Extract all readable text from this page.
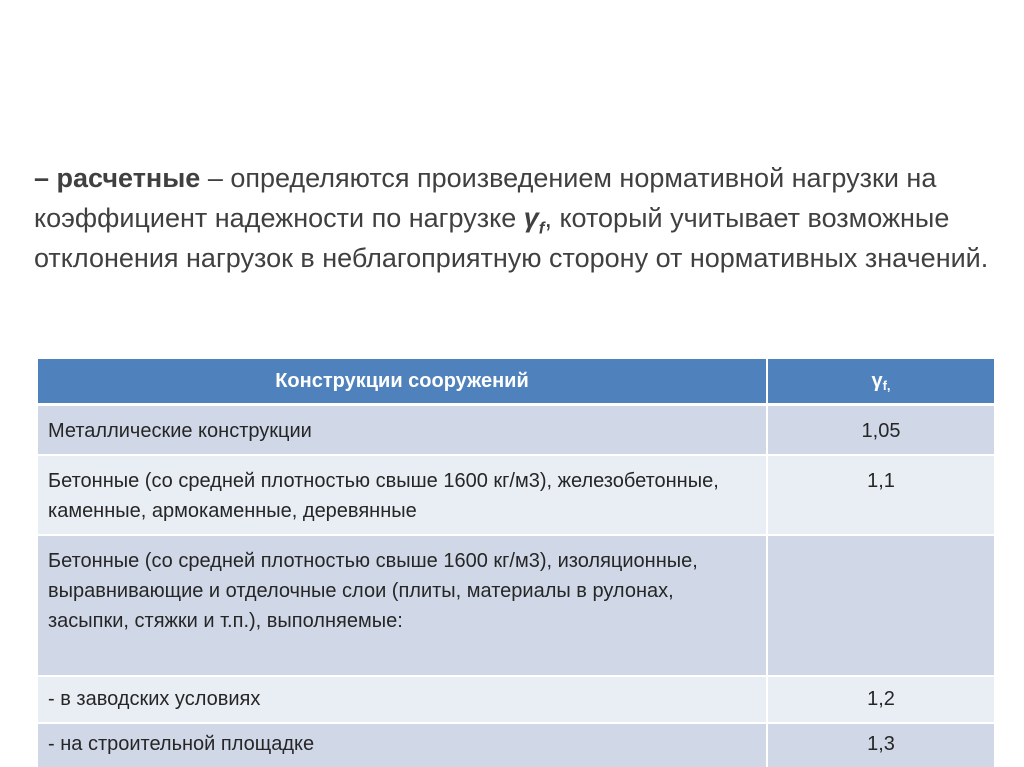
– расчетные – определяются произведением нормативной нагрузки на коэффициент надежности по нагрузке $\gamma_f$, который учитывает возможные отклонения нагрузок в неблагоприятную сторону от нормативных значений.

Конструкции сооружений	γf,
Металлические конструкции	1,05
Бетонные (со средней плотностью свыше 1600 кг/м3), железобетонные, каменные, армокаменные, деревянные	1,1
Бетонные (со средней плотностью свыше 1600 кг/м3), изоляционные, выравнивающие и отделочные слои (плиты, материалы в рулонах, засыпки, стяжки и т.п.), выполняемые:	
- в заводских условиях	1,2
- на строительной площадке	1,3
